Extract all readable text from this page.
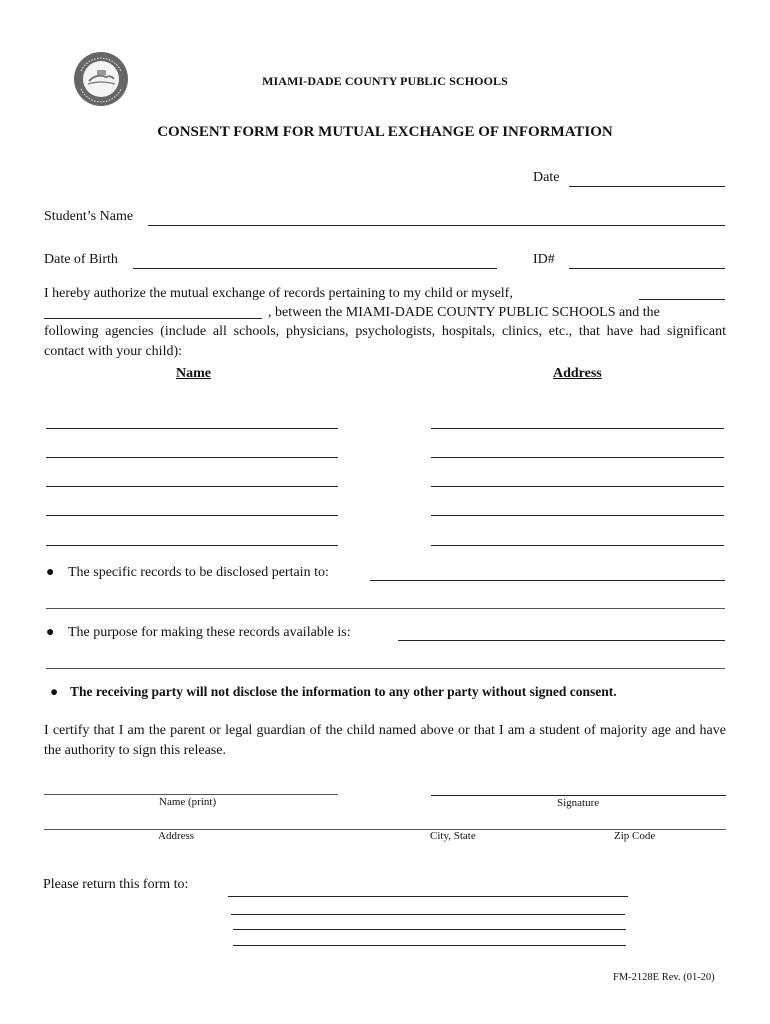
MIAMI-DADE COUNTY PUBLIC SCHOOLS
CONSENT FORM FOR MUTUAL EXCHANGE OF INFORMATION
Date
Student’s Name
Date of Birth	ID#
I hereby authorize the mutual exchange of records pertaining to my child or myself,
, between the MIAMI-DADE COUNTY PUBLIC SCHOOLS and the
following agencies (include all schools, physicians, psychologists, hospitals, clinics, etc., that have had significant contact with your child):
Name	Address
● The specific records to be disclosed pertain to:
● The purpose for making these records available is:
● The receiving party will not disclose the information to any other party without signed consent.
I certify that I am the parent or legal guardian of the child named above or that I am a student of majority age and have the authority to sign this release.
Name (print)	Signature
Address	City, State	Zip Code
Please return this form to:
FM-2128E Rev. (01-20)
